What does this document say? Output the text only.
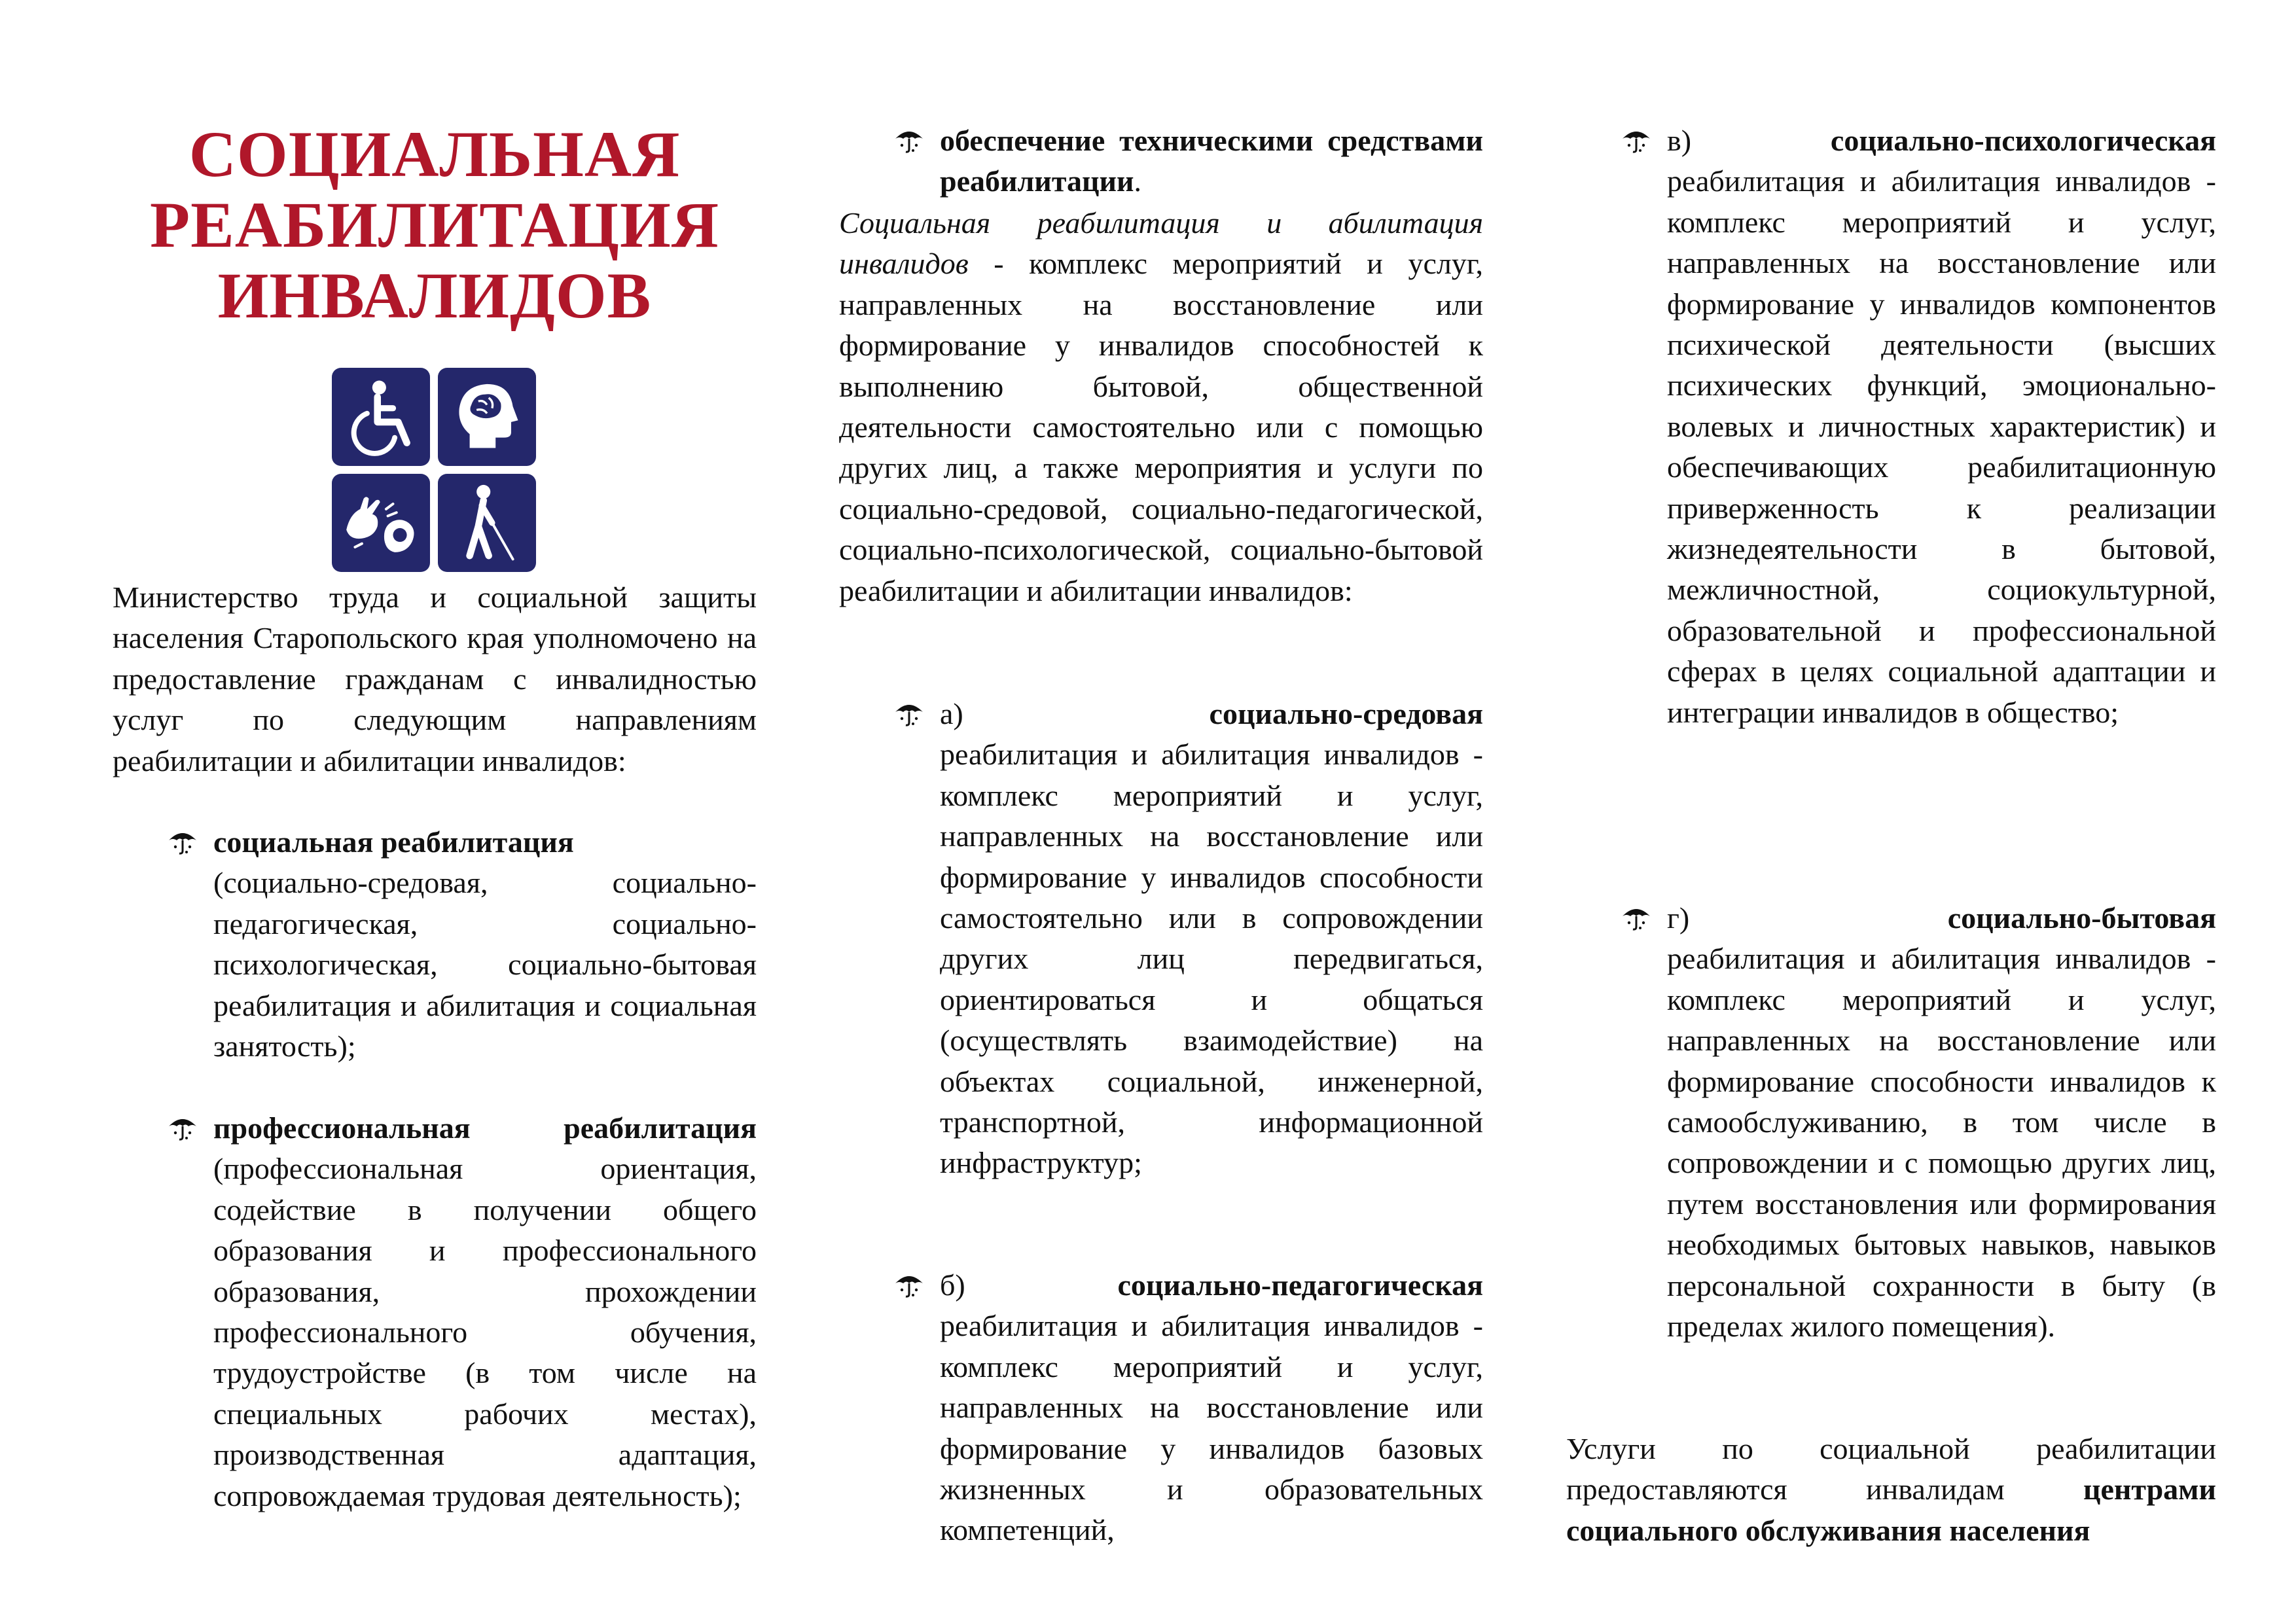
СОЦИАЛЬНАЯ
РЕАБИЛИТАЦИЯ
ИНВАЛИДОВ

Министерство труда и социальной защиты населения Старопольского края уполномочено на предоставление гражданам с инвалидностью услуг по следующим направлениям реабилитации и абилитации инвалидов:

социальная реабилитация
(социально-средовая, социально-педагогическая, социально-психологическая, социально-бытовая реабилитация и абилитация и социальная занятость);
профессиональная реабилитация (профессиональная ориентация, содействие в получении общего образования и профессионального образования, прохождении профессионального обучения, трудоустройстве (в том числе на специальных рабочих местах), производственная адаптация, сопровождаемая трудовая деятельность);
обеспечение техническими средствами реабилитации.

Социальная реабилитация и абилитация инвалидов - комплекс мероприятий и услуг, направленных на восстановление или формирование у инвалидов способностей к выполнению бытовой, общественной деятельности самостоятельно или с помощью других лиц, а также мероприятия и услуги по социально-средовой, социально-педагогической, социально-психологической, социально-бытовой реабилитации и абилитации инвалидов:

а)	социально-средовая
реабилитация и абилитация инвалидов - комплекс мероприятий и услуг, направленных на восстановление или формирование у инвалидов способности самостоятельно или в сопровождении других лиц передвигаться, ориентироваться и общаться (осуществлять взаимодействие) на объектах социальной, инженерной, транспортной, информационной инфраструктур;
б)	социально-педагогическая
реабилитация и абилитация инвалидов - комплекс мероприятий и услуг, направленных на восстановление или формирование у инвалидов базовых жизненных и образовательных компетенций,
в)	социально-психологическая
реабилитация и абилитация инвалидов - комплекс мероприятий и услуг, направленных на восстановление или формирование у инвалидов компонентов психической деятельности (высших психических функций, эмоционально-волевых и личностных характеристик) и обеспечивающих реабилитационную приверженность к реализации жизнедеятельности в бытовой, межличностной, социокультурной, образовательной и профессиональной сферах в целях социальной адаптации и интеграции инвалидов в общество;
г)	социально-бытовая
реабилитация и абилитация инвалидов - комплекс мероприятий и услуг, направленных на восстановление или формирование способности инвалидов к самообслуживанию, в том числе в сопровождении и с помощью других лиц, путем восстановления или формирования необходимых бытовых навыков, навыков персональной сохранности в быту (в пределах жилого помещения).

Услуги по социальной реабилитации предоставляются инвалидам центрами социального обслуживания населения
